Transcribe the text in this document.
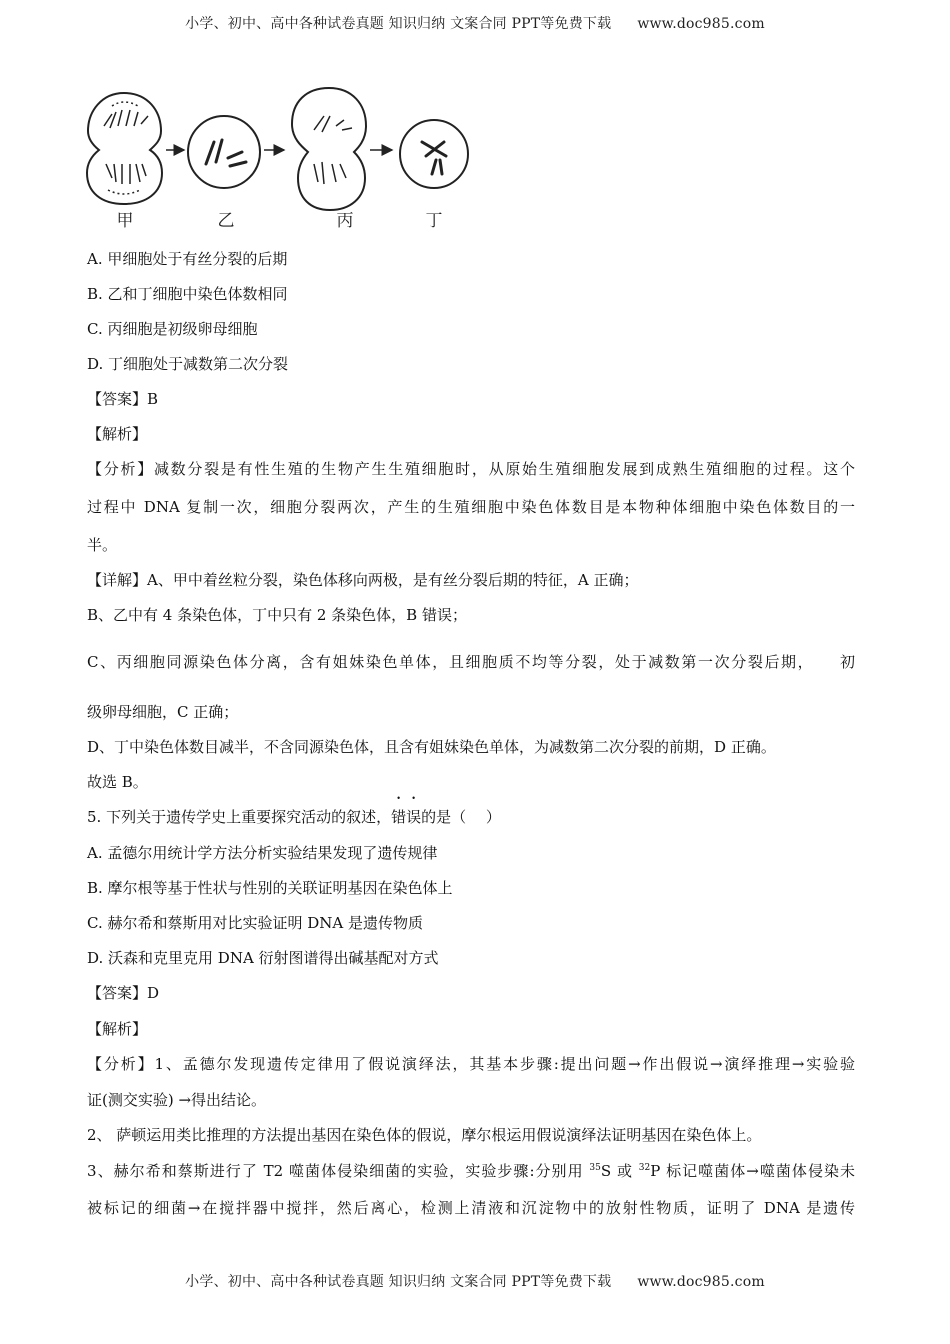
小学、初中、高中各种试卷真题 知识归纳 文案合同 PPT等免费下载 www.doc985.com
甲	乙	丙	丁
A. 甲细胞处于有丝分裂的后期
B. 乙和丁细胞中染色体数相同
C. 丙细胞是初级卵母细胞
D. 丁细胞处于减数第二次分裂
【答案】B
【解析】
【分析】减数分裂是有性生殖的生物产生生殖细胞时，从原始生殖细胞发展到成熟生殖细胞的过程。这个
过程中 DNA 复制一次，细胞分裂两次，产生的生殖细胞中染色体数目是本物种体细胞中染色体数目的一
半。
【详解】A、甲中着丝粒分裂，染色体移向两极，是有丝分裂后期的特征，A 正确；
B、乙中有 4 条染色体，丁中只有 2 条染色体，B 错误；
C、丙细胞同源染色体分离，含有姐妹染色单体，且细胞质不均等分裂，处于减数第一次分裂后期，　　初
级卵母细胞，C 正确；
D、丁中染色体数目减半，不含同源染色体，且含有姐妹染色单体，为减数第二次分裂的前期，D 正确。
故选 B。
5. 下列关于遗传学史上重要探究活动的叙述，错误的是（　 ）
A. 孟德尔用统计学方法分析实验结果发现了遗传规律
B. 摩尔根等基于性状与性别的关联证明基因在染色体上
C. 赫尔希和蔡斯用对比实验证明 DNA 是遗传物质
D. 沃森和克里克用 DNA 衍射图谱得出碱基配对方式
【答案】D
【解析】
【分析】1、孟德尔发现遗传定律用了假说演绎法，其基本步骤:提出问题→作出假说→演绎推理→实验验
证(测交实验) →得出结论。
2、 萨顿运用类比推理的方法提出基因在染色体的假说，摩尔根运用假说演绎法证明基因在染色体上。
3、赫尔希和蔡斯进行了 T2 噬菌体侵染细菌的实验，实验步骤:分别用 $^{35}$S 或 $^{32}$P 标记噬菌体→噬菌体侵染未
被标记的细菌→在搅拌器中搅拌，然后离心，检测上清液和沉淀物中的放射性物质，证明了 DNA 是遗传
小学、初中、高中各种试卷真题 知识归纳 文案合同 PPT等免费下载 www.doc985.com
